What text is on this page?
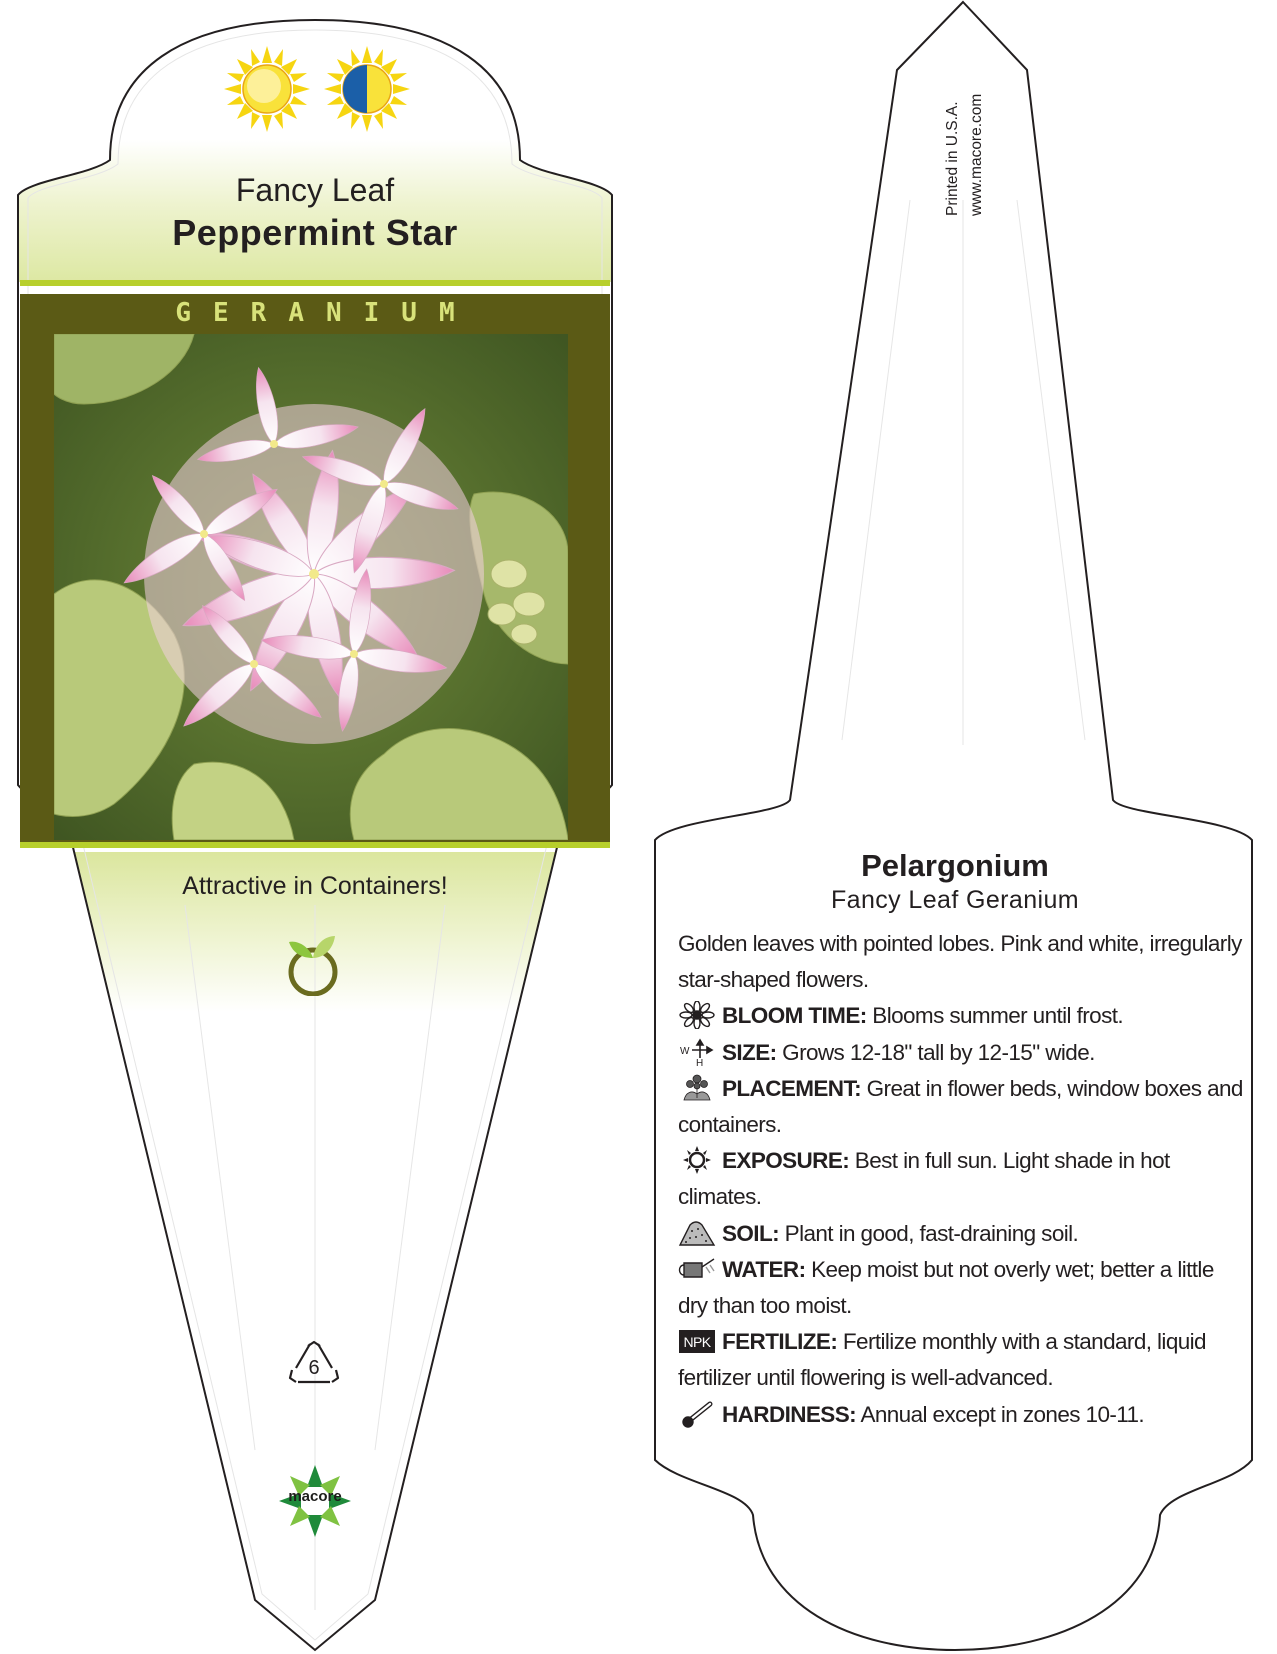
Fancy Leaf
Peppermint Star
GERANIUM
Attractive in Containers!
6
macore
Printed in U.S.A. www.macore.com
Pelargonium
Fancy Leaf Geranium

Golden leaves with pointed lobes. Pink and white, irregularly star-shaped flowers.

BLOOM TIME: Blooms summer until frost.

W
H SIZE: Grows 12-18" tall by 12-15" wide.

PLACEMENT: Great in flower beds, window boxes and containers.

EXPOSURE: Best in full sun. Light shade in hot climates.

SOIL: Plant in good, fast-draining soil.

WATER: Keep moist but not overly wet; better a little dry than too moist.

NPK FERTILIZE: Fertilize monthly with a standard, liquid fertilizer until flowering is well-advanced.

HARDINESS: Annual except in zones 10-11.
